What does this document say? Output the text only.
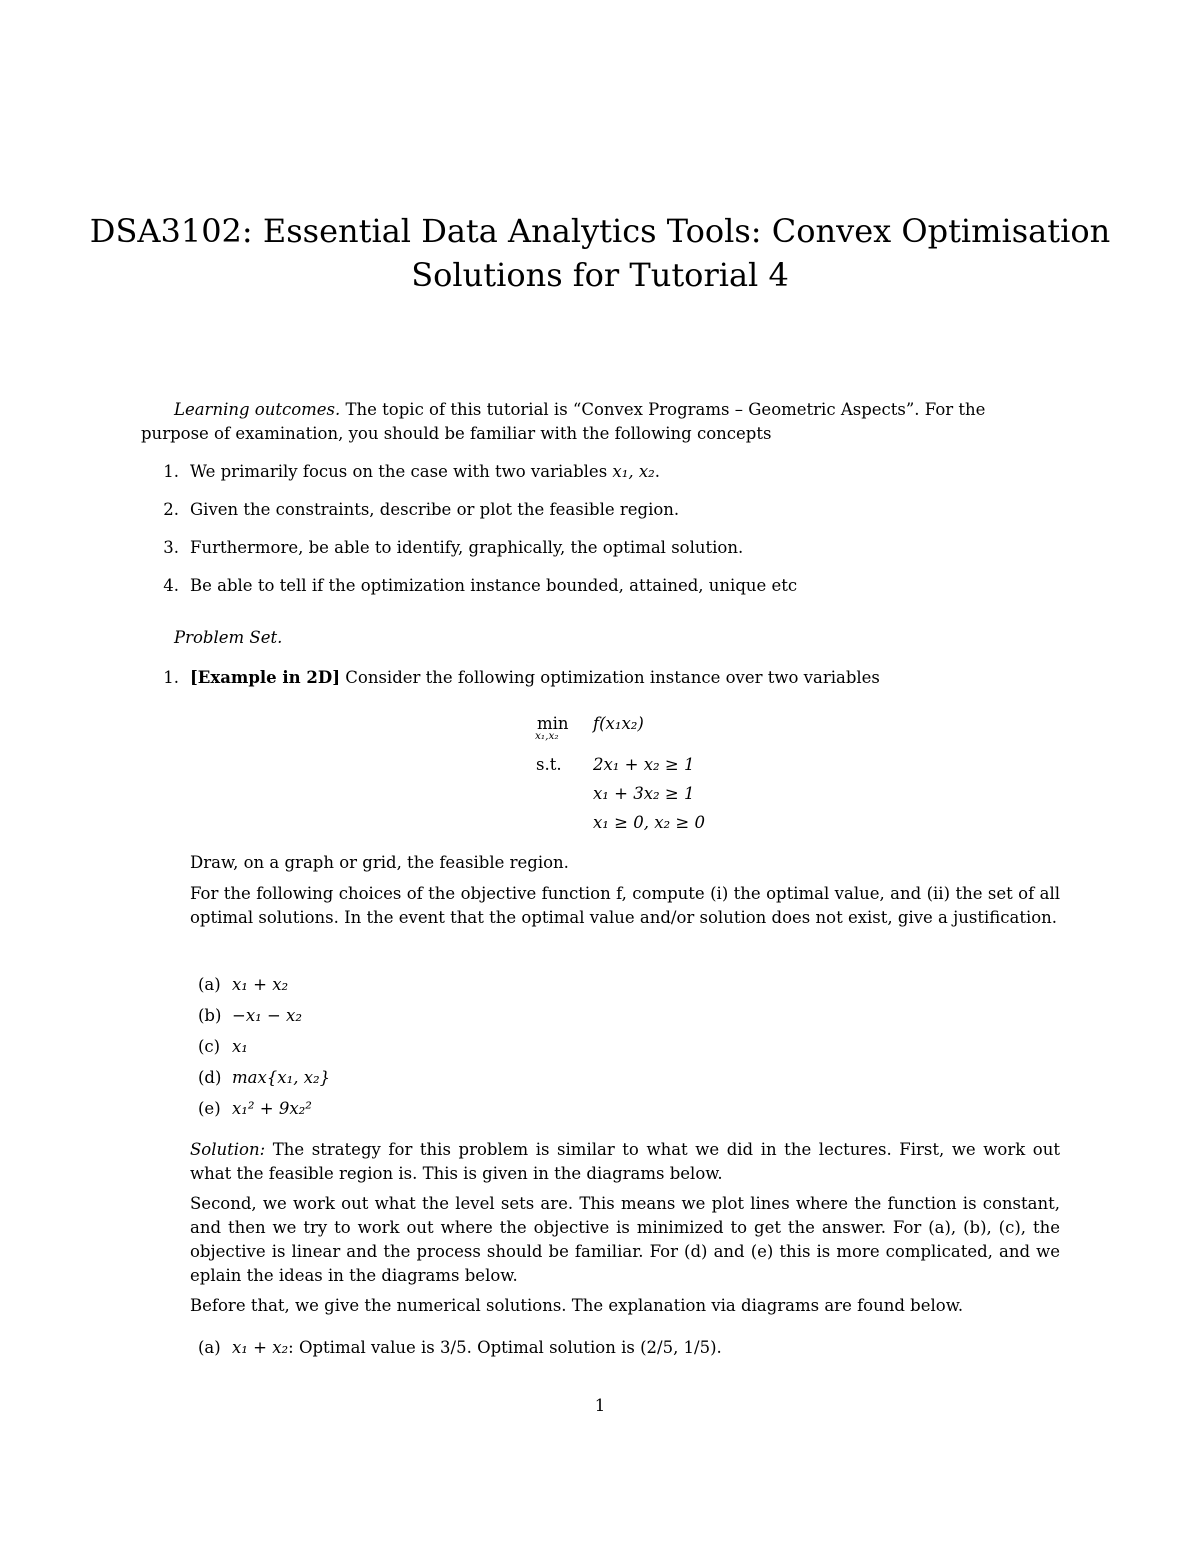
DSA3102: Essential Data Analytics Tools: Convex Optimisation
Solutions for Tutorial 4
Learning outcomes. The topic of this tutorial is “Convex Programs – Geometric Aspects”. For the
purpose of examination, you should be familiar with the following concepts
1. We primarily focus on the case with two variables x₁, x₂.
2. Given the constraints, describe or plot the feasible region.
3. Furthermore, be able to identify, graphically, the optimal solution.
4. Be able to tell if the optimization instance bounded, attained, unique etc
Problem Set.
1. [Example in 2D] Consider the following optimization instance over two variables
min
x₁,x₂
f(x₁x₂)
s.t. 2x₁ + x₂ ≥ 1
x₁ + 3x₂ ≥ 1
x₁ ≥ 0, x₂ ≥ 0
Draw, on a graph or grid, the feasible region.
For the following choices of the objective function f, compute (i) the optimal value, and (ii) the set of all optimal solutions. In the event that the optimal value and/or solution does not exist, give a justification.
(a) x₁ + x₂
(b) −x₁ − x₂
(c) x₁
(d) max{x₁, x₂}
(e) x₁² + 9x₂²
Solution: The strategy for this problem is similar to what we did in the lectures. First, we work out what the feasible region is. This is given in the diagrams below.
Second, we work out what the level sets are. This means we plot lines where the function is constant, and then we try to work out where the objective is minimized to get the answer. For (a), (b), (c), the objective is linear and the process should be familiar. For (d) and (e) this is more complicated, and we eplain the ideas in the diagrams below.
Before that, we give the numerical solutions. The explanation via diagrams are found below.
(a) x₁ + x₂: Optimal value is 3/5. Optimal solution is (2/5, 1/5).
1
